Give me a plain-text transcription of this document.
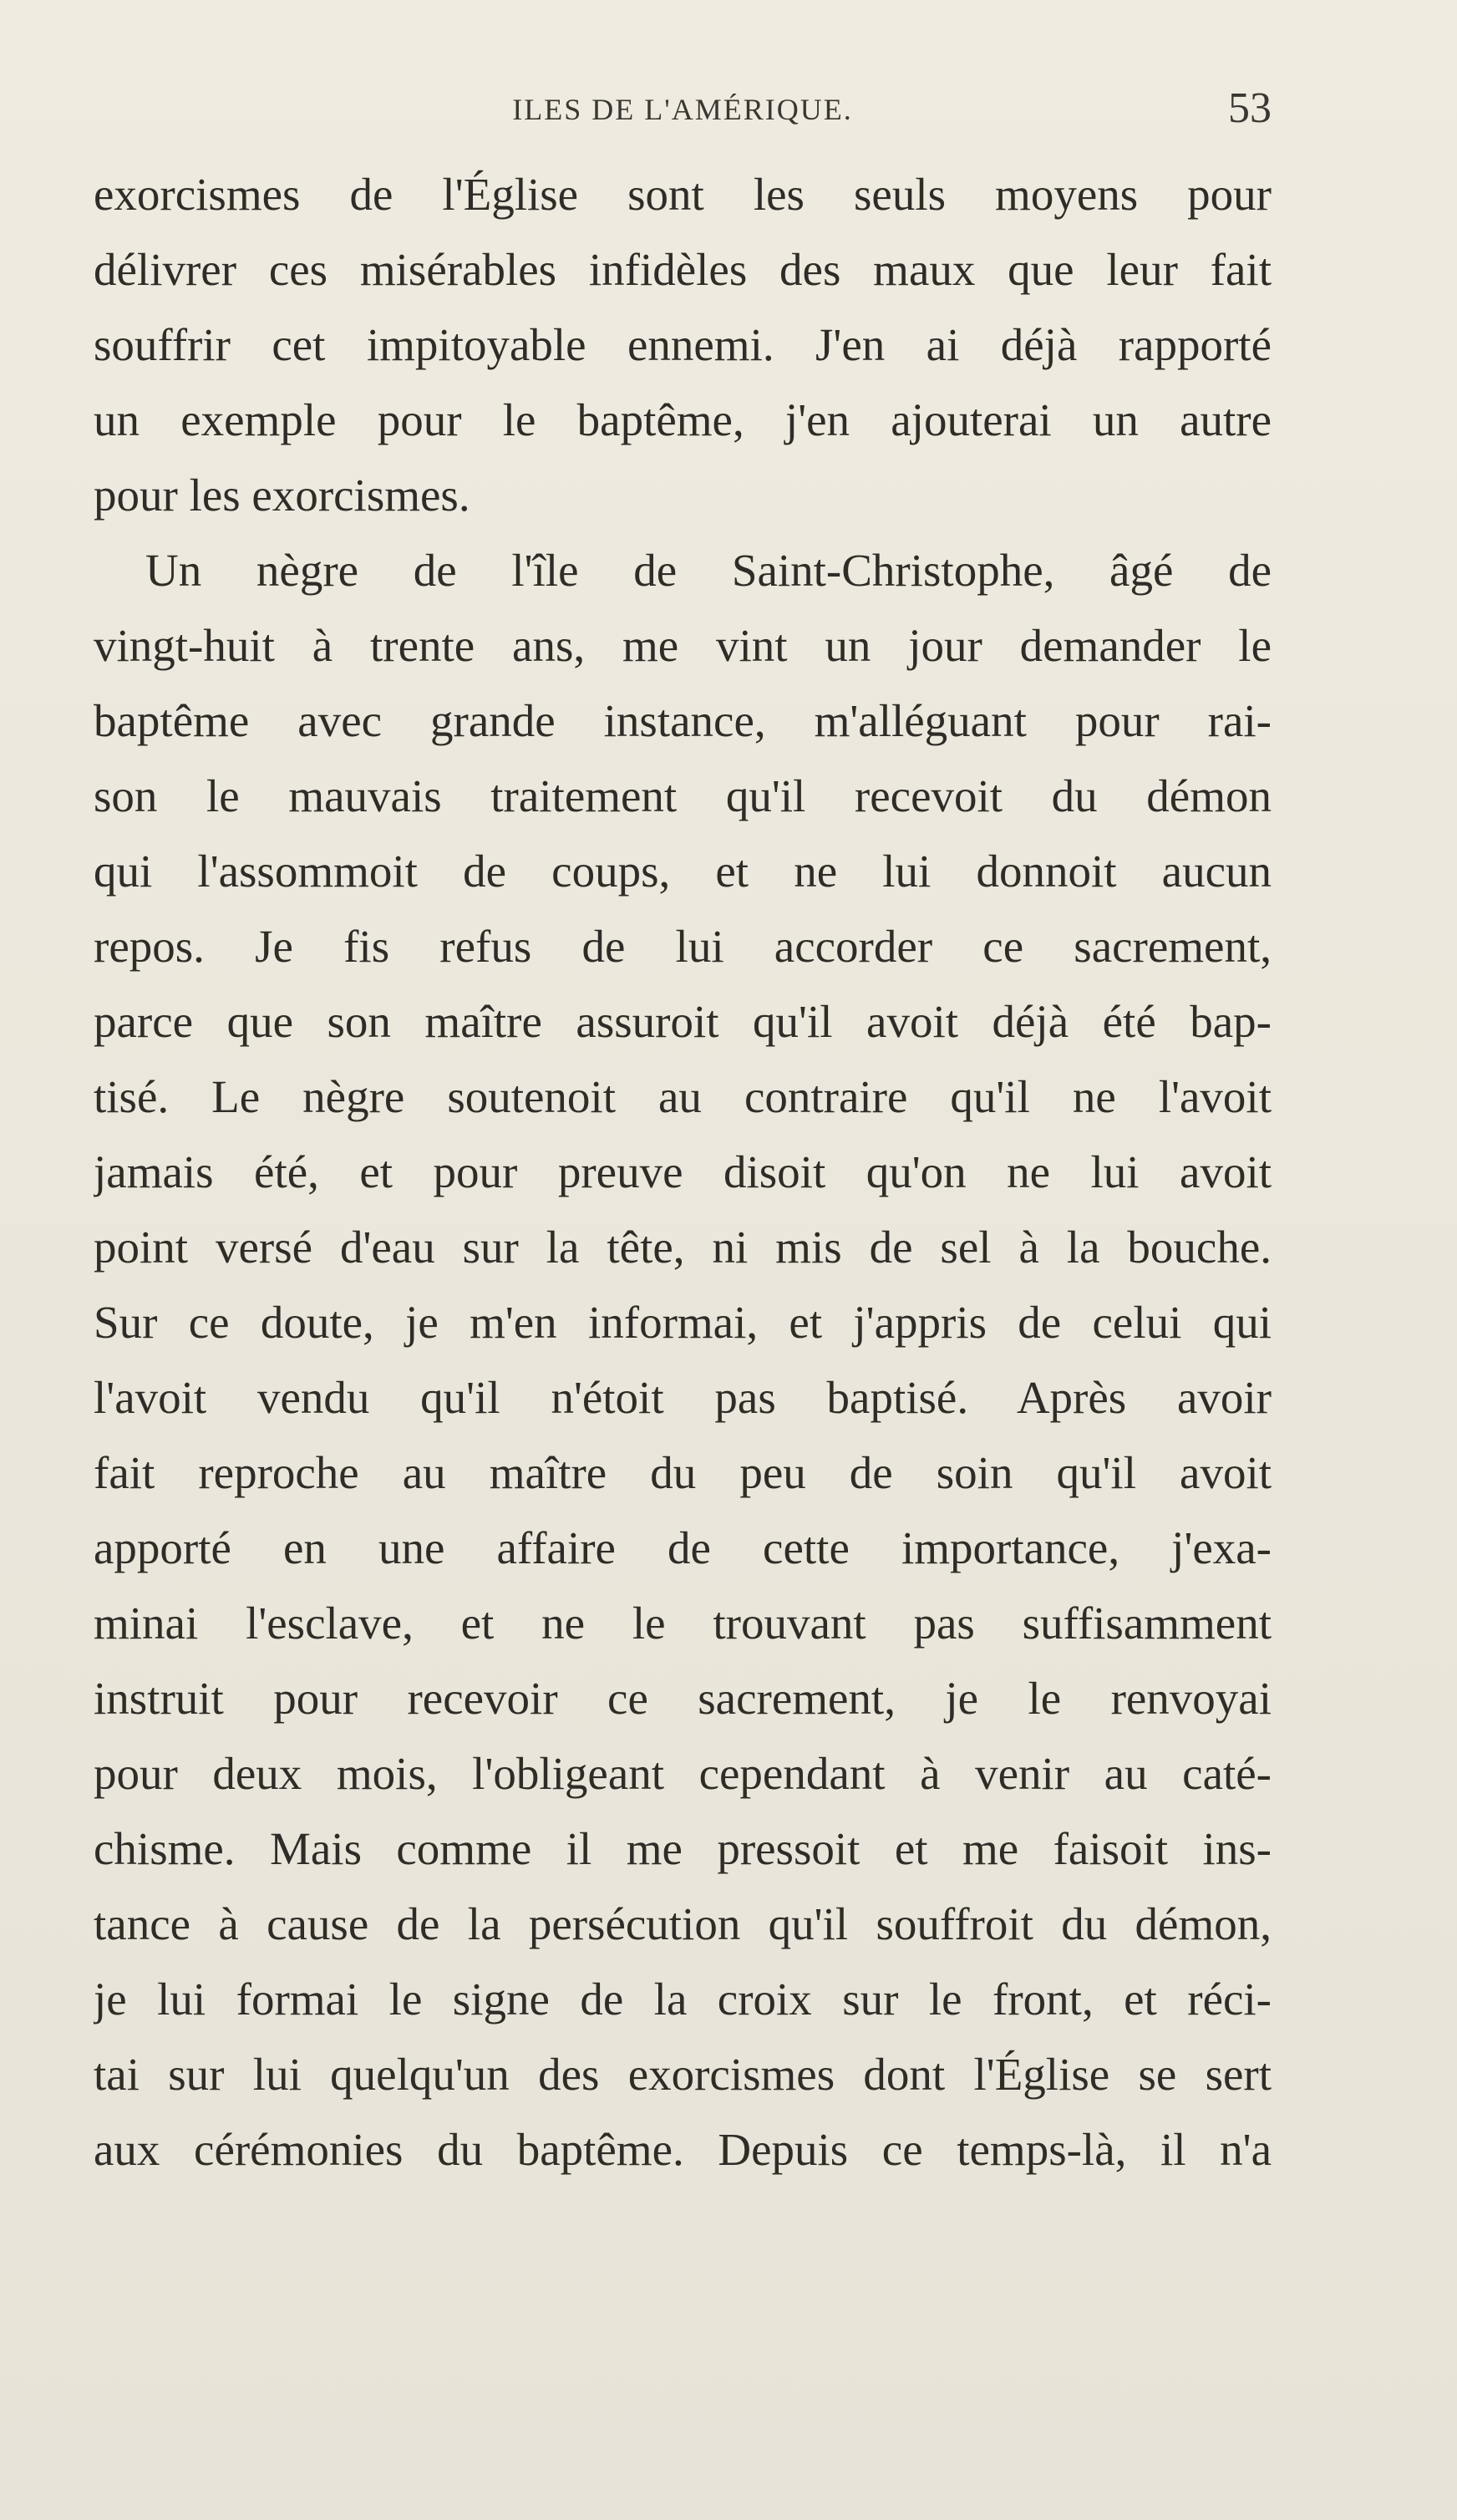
ILES DE L'AMÉRIQUE.	53
exorcismes de l'Église sont les seuls moyens pour
délivrer ces misérables infidèles des maux que leur fait
souffrir cet impitoyable ennemi. J'en ai déjà rapporté
un exemple pour le baptême, j'en ajouterai un autre
pour les exorcismes.
Un nègre de l'île de Saint-Christophe, âgé de
vingt-huit à trente ans, me vint un jour demander le
baptême avec grande instance, m'alléguant pour rai-
son le mauvais traitement qu'il recevoit du démon
qui l'assommoit de coups, et ne lui donnoit aucun
repos. Je fis refus de lui accorder ce sacrement,
parce que son maître assuroit qu'il avoit déjà été bap-
tisé. Le nègre soutenoit au contraire qu'il ne l'avoit
jamais été, et pour preuve disoit qu'on ne lui avoit
point versé d'eau sur la tête, ni mis de sel à la bouche.
Sur ce doute, je m'en informai, et j'appris de celui qui
l'avoit vendu qu'il n'étoit pas baptisé. Après avoir
fait reproche au maître du peu de soin qu'il avoit
apporté en une affaire de cette importance, j'exa-
minai l'esclave, et ne le trouvant pas suffisamment
instruit pour recevoir ce sacrement, je le renvoyai
pour deux mois, l'obligeant cependant à venir au caté-
chisme. Mais comme il me pressoit et me faisoit ins-
tance à cause de la persécution qu'il souffroit du démon,
je lui formai le signe de la croix sur le front, et réci-
tai sur lui quelqu'un des exorcismes dont l'Église se sert
aux cérémonies du baptême. Depuis ce temps-là, il n'a
